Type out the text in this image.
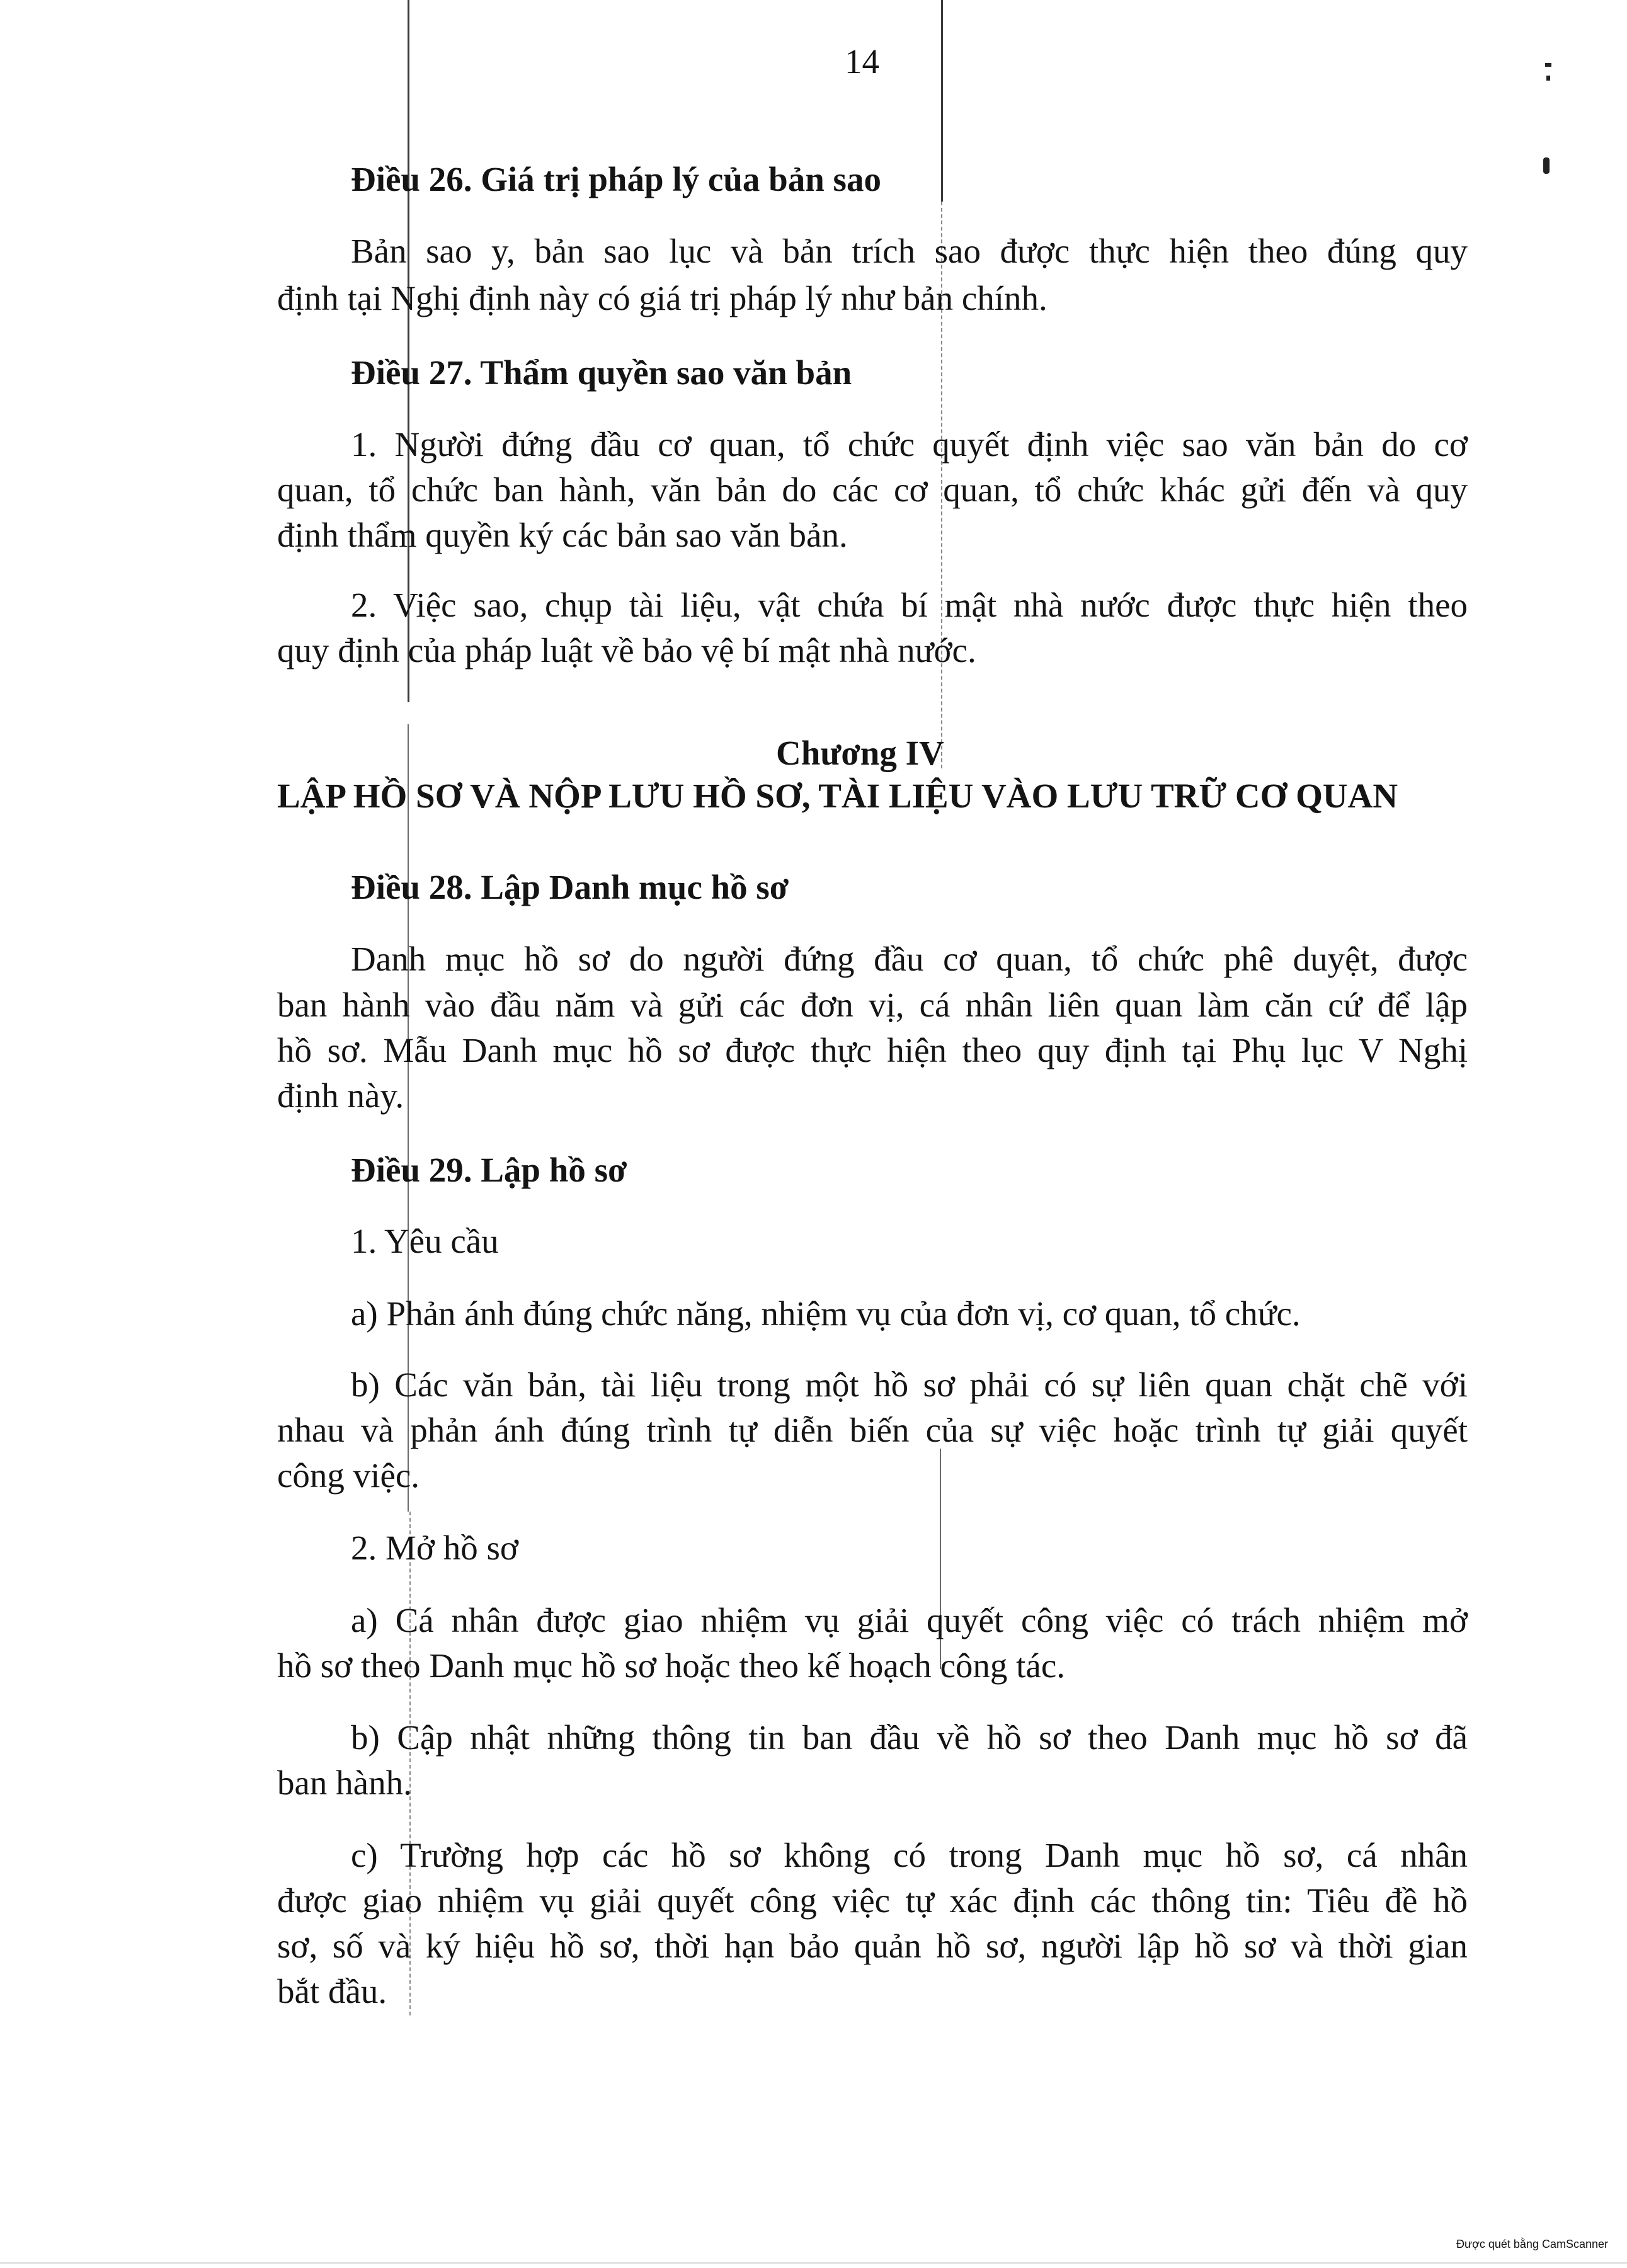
14
Điều 26. Giá trị pháp lý của bản sao
Bản sao y, bản sao lục và bản trích sao được thực hiện theo đúng quy
định tại Nghị định này có giá trị pháp lý như bản chính.
Điều 27. Thẩm quyền sao văn bản
1. Người đứng đầu cơ quan, tổ chức quyết định việc sao văn bản do cơ
quan, tổ chức ban hành, văn bản do các cơ quan, tổ chức khác gửi đến và quy
định thẩm quyền ký các bản sao văn bản.
2. Việc sao, chụp tài liệu, vật chứa bí mật nhà nước được thực hiện theo
quy định của pháp luật về bảo vệ bí mật nhà nước.
Chương IV
LẬP HỒ SƠ VÀ NỘP LƯU HỒ SƠ, TÀI LIỆU VÀO LƯU TRỮ CƠ QUAN
Điều 28. Lập Danh mục hồ sơ
Danh mục hồ sơ do người đứng đầu cơ quan, tổ chức phê duyệt, được
ban hành vào đầu năm và gửi các đơn vị, cá nhân liên quan làm căn cứ để lập
hồ sơ. Mẫu Danh mục hồ sơ được thực hiện theo quy định tại Phụ lục V Nghị
định này.
Điều 29. Lập hồ sơ
1. Yêu cầu
a) Phản ánh đúng chức năng, nhiệm vụ của đơn vị, cơ quan, tổ chức.
b) Các văn bản, tài liệu trong một hồ sơ phải có sự liên quan chặt chẽ với
nhau và phản ánh đúng trình tự diễn biến của sự việc hoặc trình tự giải quyết
công việc.
2. Mở hồ sơ
a) Cá nhân được giao nhiệm vụ giải quyết công việc có trách nhiệm mở
hồ sơ theo Danh mục hồ sơ hoặc theo kế hoạch công tác.
b) Cập nhật những thông tin ban đầu về hồ sơ theo Danh mục hồ sơ đã
ban hành.
c) Trường hợp các hồ sơ không có trong Danh mục hồ sơ, cá nhân
được giao nhiệm vụ giải quyết công việc tự xác định các thông tin: Tiêu đề hồ
sơ, số và ký hiệu hồ sơ, thời hạn bảo quản hồ sơ, người lập hồ sơ và thời gian
bắt đầu.
Được quét bằng CamScanner
